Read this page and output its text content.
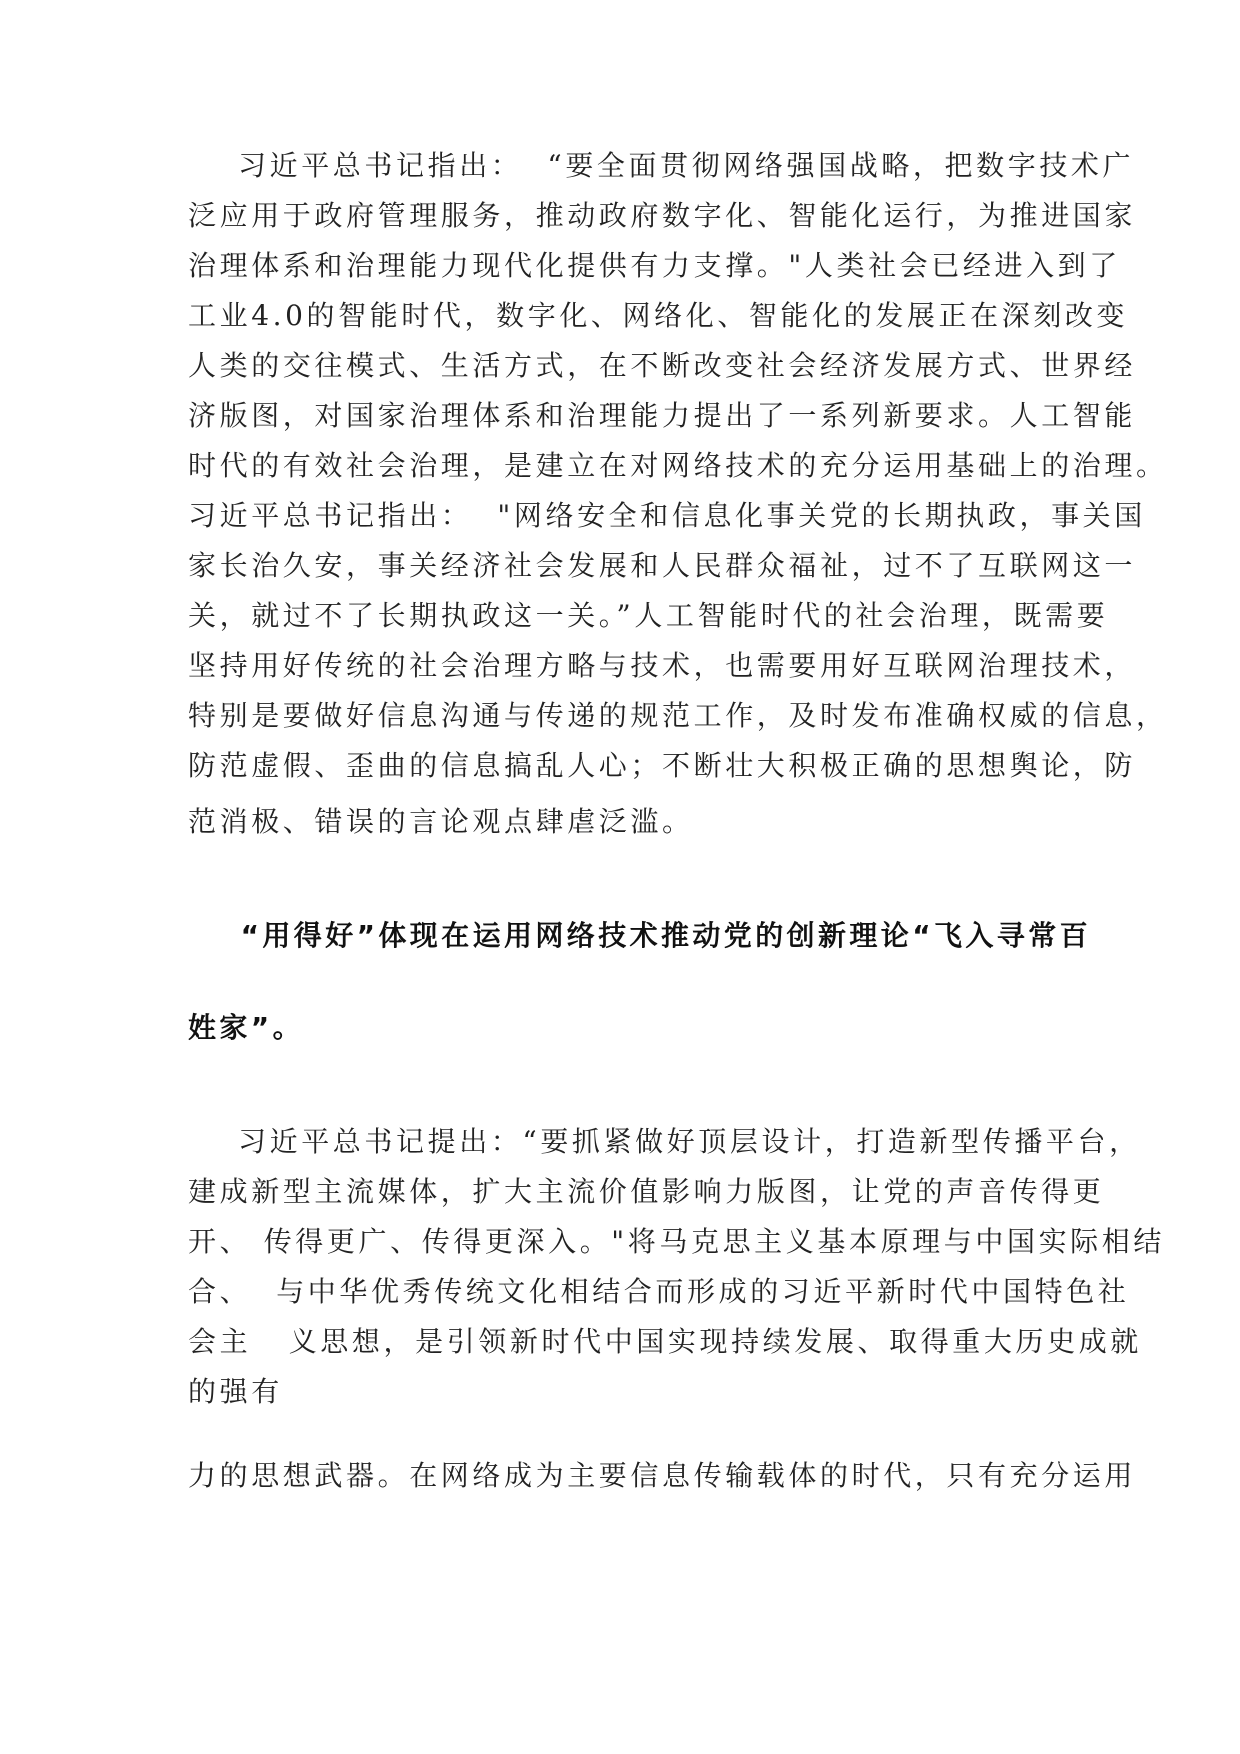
习近平总书记指出：  “要全面贯彻网络强国战略，把数字技术广
泛应用于政府管理服务，推动政府数字化、智能化运行，为推进国家
治理体系和治理能力现代化提供有力支撑。"人类社会已经进入到了
工业4.0的智能时代，数字化、网络化、智能化的发展正在深刻改变
人类的交往模式、生活方式，在不断改变社会经济发展方式、世界经
济版图，对国家治理体系和治理能力提出了一系列新要求。人工智能
时代的有效社会治理，是建立在对网络技术的充分运用基础上的治理。
习近平总书记指出：  "网络安全和信息化事关党的长期执政，事关国
家长治久安，事关经济社会发展和人民群众福祉，过不了互联网这一
关，就过不了长期执政这一关。”人工智能时代的社会治理，既需要
坚持用好传统的社会治理方略与技术，也需要用好互联网治理技术，
特别是要做好信息沟通与传递的规范工作，及时发布准确权威的信息，
防范虚假、歪曲的信息搞乱人心；不断壮大积极正确的思想舆论，防
范消极、错误的言论观点肆虐泛滥。
“用得好”体现在运用网络技术推动党的创新理论“飞入寻常百
姓家”。
习近平总书记提出：“要抓紧做好顶层设计，打造新型传播平台，
建成新型主流媒体，扩大主流价值影响力版图，让党的声音传得更
开、 传得更广、传得更深入。"将马克思主义基本原理与中国实际相结
合、  与中华优秀传统文化相结合而形成的习近平新时代中国特色社
会主   义思想，是引领新时代中国实现持续发展、取得重大历史成就
的强有
力的思想武器。在网络成为主要信息传输载体的时代，只有充分运用
